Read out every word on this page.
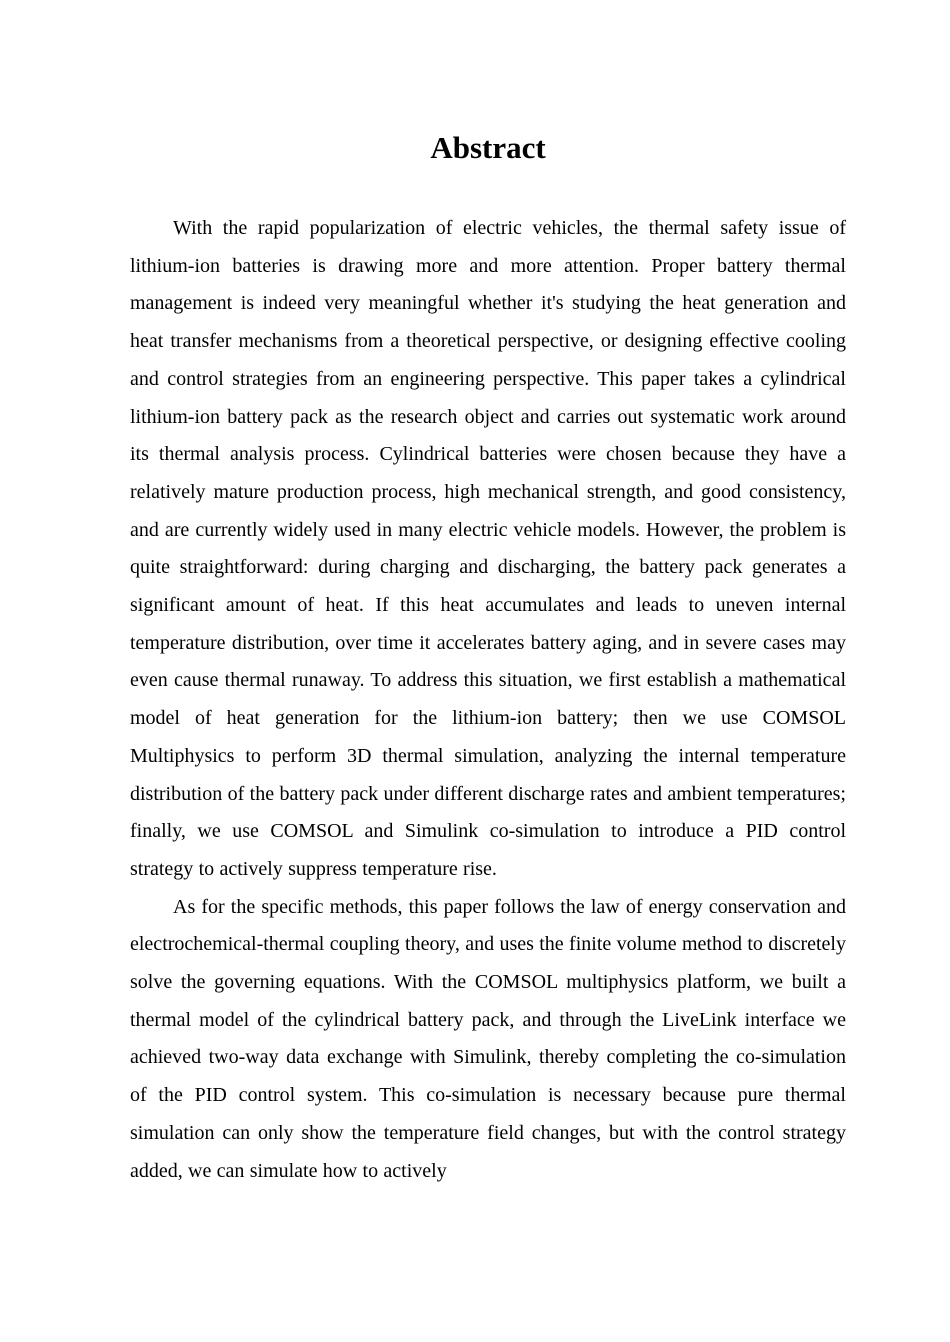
Abstract

With the rapid popularization of electric vehicles, the thermal safety issue of lithium-ion batteries is drawing more and more attention. Proper battery thermal management is indeed very meaningful whether it's studying the heat generation and heat transfer mechanisms from a theoretical perspective, or designing effective cooling and control strategies from an engineering perspective. This paper takes a cylindrical lithium-ion battery pack as the research object and carries out systematic work around its thermal analysis process. Cylindrical batteries were chosen because they have a relatively mature production process, high mechanical strength, and good consistency, and are currently widely used in many electric vehicle models. However, the problem is quite straightforward: during charging and discharging, the battery pack generates a significant amount of heat. If this heat accumulates and leads to uneven internal temperature distribution, over time it accelerates battery aging, and in severe cases may even cause thermal runaway. To address this situation, we first establish a mathematical model of heat generation for the lithium-ion battery; then we use COMSOL Multiphysics to perform 3D thermal simulation, analyzing the internal temperature distribution of the battery pack under different discharge rates and ambient temperatures; finally, we use COMSOL and Simulink co-simulation to introduce a PID control strategy to actively suppress temperature rise.

As for the specific methods, this paper follows the law of energy conservation and electrochemical-thermal coupling theory, and uses the finite volume method to discretely solve the governing equations. With the COMSOL multiphysics platform, we built a thermal model of the cylindrical battery pack, and through the LiveLink interface we achieved two-way data exchange with Simulink, thereby completing the co-simulation of the PID control system. This co-simulation is necessary because pure thermal simulation can only show the temperature field changes, but with the control strategy added, we can simulate how to actively
